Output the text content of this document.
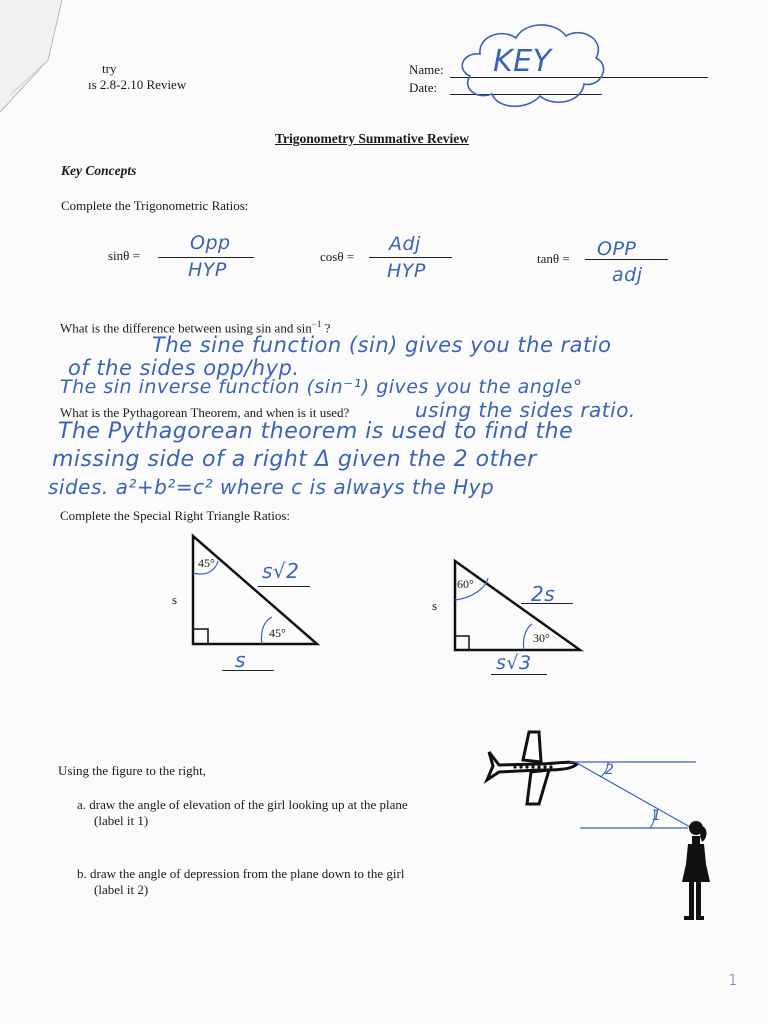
try
ıs 2.8-2.10 Review
Name:
Date:
KEY
Trigonometry Summative Review
Key Concepts
Complete the Trigonometric Ratios:
sinθ =
Opp
HYP
cosθ =
Adj
HYP
tanθ = OPP
adj
What is the difference between using sin and $\sin^{-1}$ ?
The sine function (sin) gives you the ratio
of the sides opp/hyp.
The sin inverse function (sin⁻¹) gives you the angle°
What is the Pythagorean Theorem, and when is it used?	using the sides ratio.
The Pythagorean theorem is used to find the
missing side of a right Δ given the 2 other
sides. a²+b²=c² where c is always the Hyp
Complete the Special Right Triangle Ratios:
45°
45°
s
s√2
s
60°
30°
s	2s
s√3
Using the figure to the right,
a. draw the angle of elevation of the girl looking up at the plane
(label it 1)
b. draw the angle of depression from the plane down to the girl
(label it 2)
2
1
1
